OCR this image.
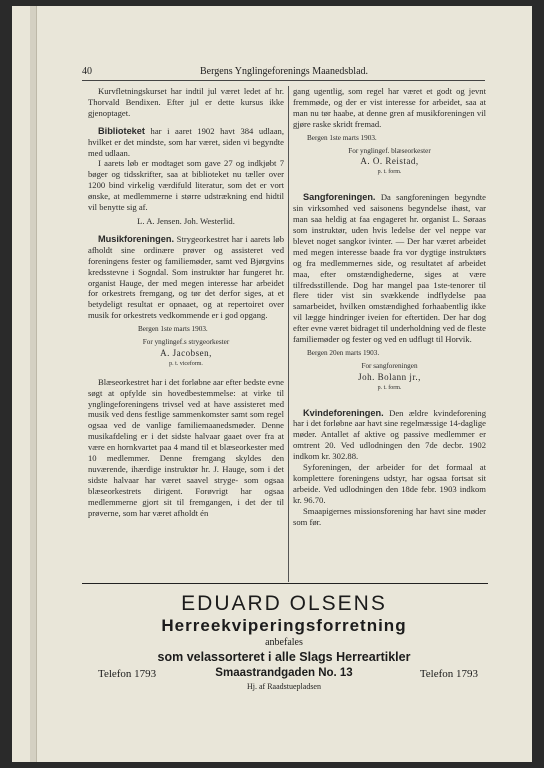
40	Bergens Ynglingeforenings Maanedsblad.

Kurvfletningskurset har indtil jul været ledet af hr. Thorvald Bendixen. Efter jul er dette kursus ikke gjenoptaget.

Biblioteket har i aaret 1902 havt 384 udlaan, hvilket er det mindste, som har været, siden vi begyndte med udlaan.

I aarets løb er modtaget som gave 27 og indkjøbt 7 bøger og tidsskrifter, saa at biblioteket nu tæller over 1200 bind virkelig værdifuld literatur, som det er vort ønske, at medlemmerne i større udstrækning end hidtil vil benytte sig af.

L. A. Jensen. Joh. Westerlid.

Musikforeningen. Strygeorkestret har i aarets løb afholdt sine ordinære prøver og assisteret ved foreningens fester og familiemøder, samt ved Bjørgvins kredsstevne i Sogndal. Som instruktør har fungeret hr. organist Hauge, der med megen interesse har arbeidet for orkestrets fremgang, og tør det derfor siges, at et betydeligt resultat er opnaaet, og at repertoiret over musik for orkestrets vedkommende er i god opgang.

Bergen 1ste marts 1903.

For ynglingef.s strygeorkester

A. Jacobsen,

p. t. viceform.

Blæseorkestret har i det forløbne aar efter bedste evne søgt at opfylde sin hovedbestemmelse: at virke til ynglingeforeningens trivsel ved at have assisteret med musik ved dens festlige sammenkomster samt som regel ogsaa ved de vanlige familiemaanedsmøder. Denne musikafdeling er i det sidste halvaar gaaet over fra at være en hornkvartet paa 4 mand til et blæseorkester med 10 medlemmer. Denne fremgang skyldes den nuværende, ihærdige instruktør hr. J. Hauge, som i det sidste halvaar har været saavel stryge- som ogsaa blæseorkestrets dirigent. Forøvrigt har ogsaa medlemmerne gjort sit til fremgangen, i det der til prøverne, som har været afholdt én

gang ugentlig, som regel har været et godt og jevnt fremmøde, og der er vist interesse for arbeidet, saa at man nu tør haabe, at denne gren af musikforeningen vil gjøre raske skridt fremad.

Bergen 1ste marts 1903.

For ynglingef. blæseorkester

A. O. Reistad,

p. t. form.

Sangforeningen. Da sangforeningen begyndte sin virksomhed ved saisonens begyndelse ihøst, var man saa heldig at faa engageret hr. organist L. Søraas som instruktør, uden hvis ledelse der vel neppe var blevet noget sangkor ivinter. — Der har været arbeidet med megen interesse baade fra vor dygtige instruktørs og fra medlemmernes side, og resultatet af arbeidet maa, efter omstændighederne, siges at være tilfredsstillende. Dog har mangel paa 1ste-tenorer til flere tider vist sin svækkende indflydelse paa samarbeidet, hvilken omstændighed forhaabentlig ikke vil lægge hindringer iveien for eftertiden. Der har dog efter evne været bidraget til underholdning ved de fleste familiemøder og fester og ved en udflugt til Horvik.

Bergen 20en marts 1903.

For sangforeningen

Joh. Bolann jr.,

p. t. form.

Kvindeforeningen. Den ældre kvindeforening har i det forløbne aar havt sine regelmæssige 14-daglige møder. Antallet af aktive og passive medlemmer er omtrent 20. Ved udlodningen den 7de decbr. 1902 indkom kr. 302.88.

Syforeningen, der arbeider for det formaal at komplettere foreningens udstyr, har ogsaa fortsat sit arbeide. Ved udlodningen den 18de febr. 1903 indkom kr. 96.70.

Smaapigernes missionsforening har havt sine møder som før.

EDUARD OLSENS
Herreekviperingsforretning
anbefales
som velassorteret i alle Slags Herreartikler
Telefon 1793	Smaastrandgaden No. 13	Telefon 1793
Hj. af Raadstuepladsen
